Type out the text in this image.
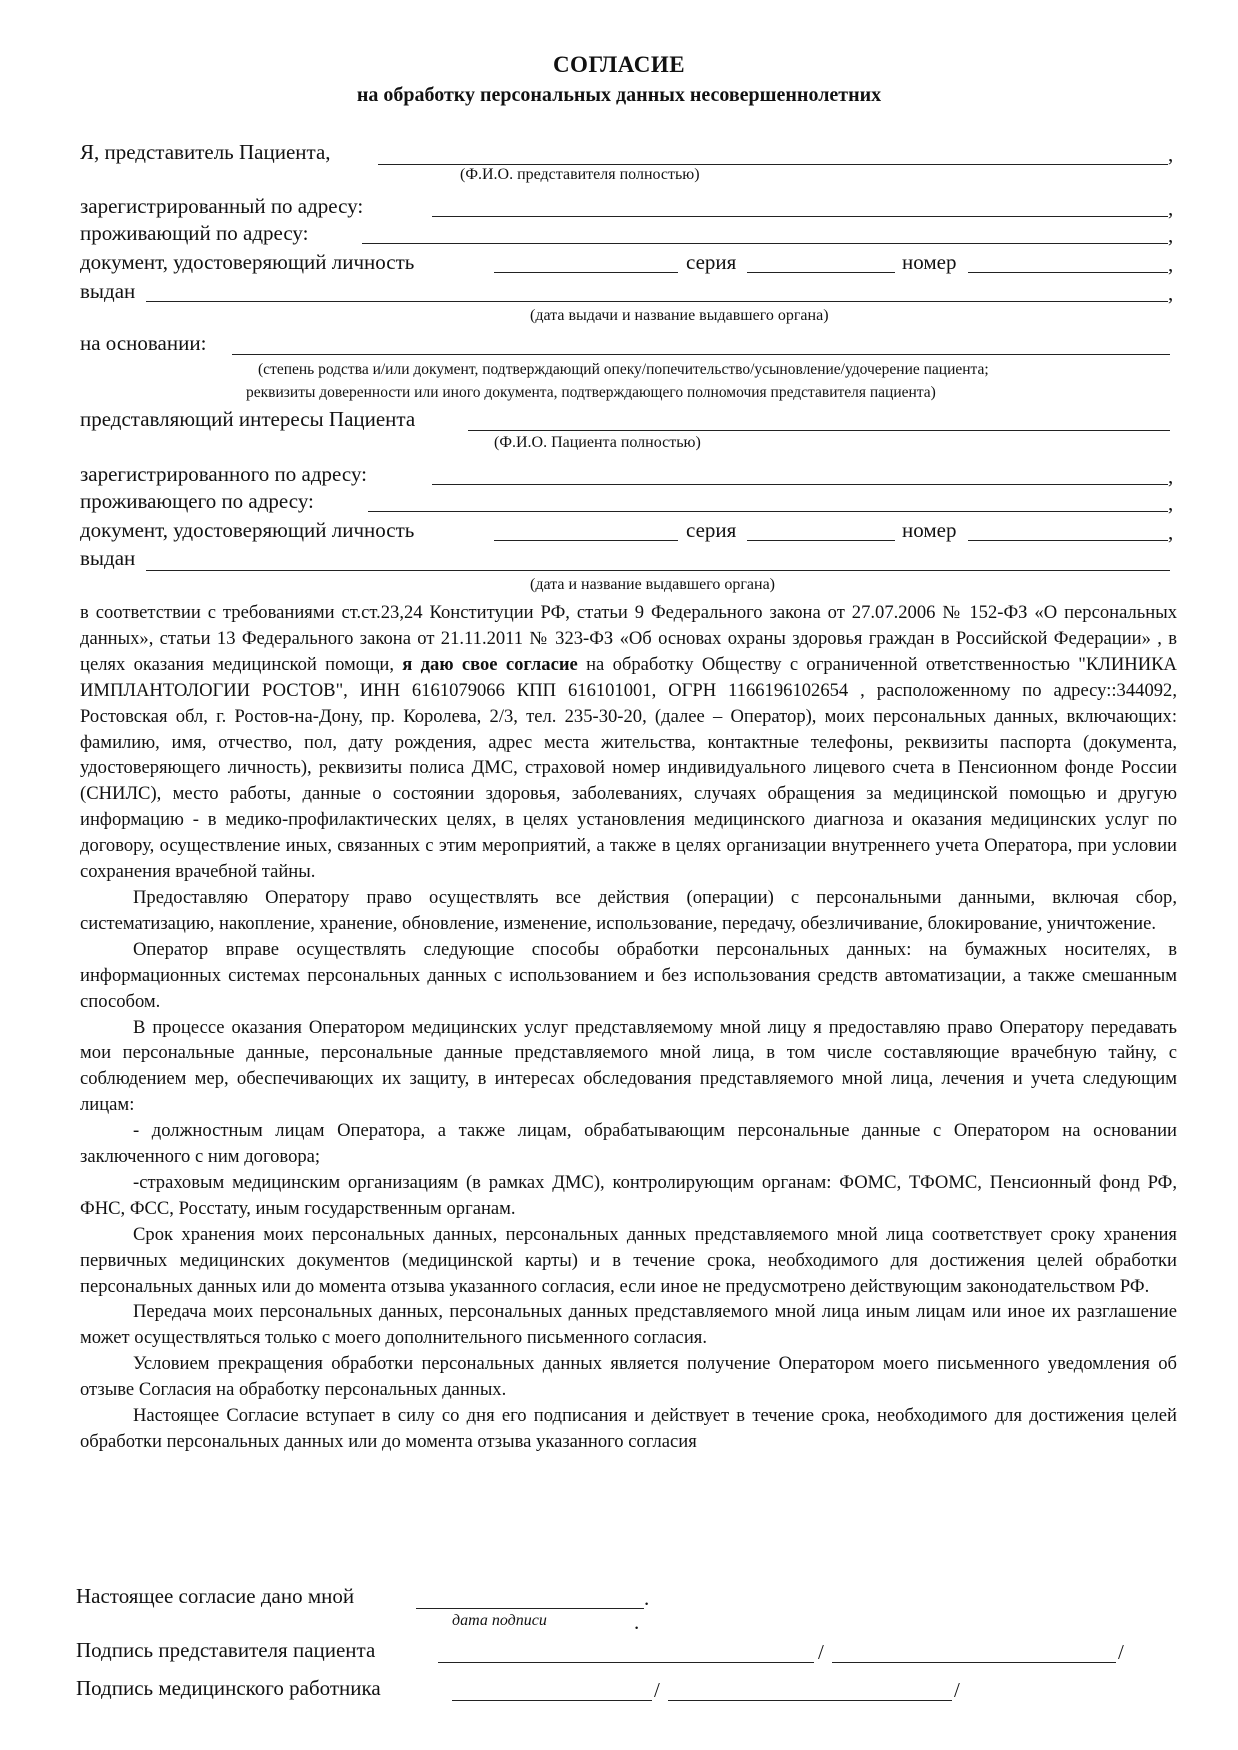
СОГЛАСИЕ
на обработку персональных данных несовершеннолетних
Я, представитель Пациента,	,
(Ф.И.О. представителя полностью)
зарегистрированный по адресу:	,
проживающий по адресу:	,
документ, удостоверяющий личность	серия	номер	,
выдан	,
(дата выдачи и название выдавшего органа)
на основании:
(степень родства и/или документ, подтверждающий опеку/попечительство/усыновление/удочерение пациента;
реквизиты доверенности или иного документа, подтверждающего полномочия представителя пациента)
представляющий интересы Пациента
(Ф.И.О. Пациента полностью)
зарегистрированного по адресу:	,
проживающего по адресу:	,
документ, удостоверяющий личность	серия	номер	,
выдан
(дата и название выдавшего органа)

в соответствии с требованиями ст.ст.23,24 Конституции РФ, статьи 9 Федерального закона от 27.07.2006 № 152-ФЗ «О персональных данных», статьи 13 Федерального закона от 21.11.2011 № 323-ФЗ «Об основах охраны здоровья граждан в Российской Федерации» , в целях оказания медицинской помощи, я даю свое согласие на обработку Обществу с ограниченной ответственностью "КЛИНИКА ИМПЛАНТОЛОГИИ РОСТОВ", ИНН 6161079066 КПП 616101001, ОГРН 1166196102654 , расположенному по адресу::344092, Ростовская обл, г. Ростов-на-Дону, пр. Королева, 2/3, тел. 235-30-20, (далее – Оператор), моих персональных данных, включающих: фамилию, имя, отчество, пол, дату рождения, адрес места жительства, контактные телефоны, реквизиты паспорта (документа, удостоверяющего личность), реквизиты полиса ДМС, страховой номер индивидуального лицевого счета в Пенсионном фонде России (СНИЛС), место работы, данные о состоянии здоровья, заболеваниях, случаях обращения за медицинской помощью и другую информацию - в медико-профилактических целях, в целях установления медицинского диагноза и оказания медицинских услуг по договору, осуществление иных, связанных с этим мероприятий, а также в целях организации внутреннего учета Оператора, при условии сохранения врачебной тайны.

Предоставляю Оператору право осуществлять все действия (операции) с персональными данными, включая сбор, систематизацию, накопление, хранение, обновление, изменение, использование, передачу, обезличивание, блокирование, уничтожение.

Оператор вправе осуществлять следующие способы обработки персональных данных: на бумажных носителях, в информационных системах персональных данных с использованием и без использования средств автоматизации, а также смешанным способом.

В процессе оказания Оператором медицинских услуг представляемому мной лицу я предоставляю право Оператору передавать мои персональные данные, персональные данные представляемого мной лица, в том числе составляющие врачебную тайну, с соблюдением мер, обеспечивающих их защиту, в интересах обследования представляемого мной лица, лечения и учета следующим лицам:

- должностным лицам Оператора, а также лицам, обрабатывающим персональные данные с Оператором на основании заключенного с ним договора;

-страховым медицинским организациям (в рамках ДМС), контролирующим органам: ФОМС, ТФОМС, Пенсионный фонд РФ, ФНС, ФСС, Росстату, иным государственным органам.

Срок хранения моих персональных данных, персональных данных представляемого мной лица соответствует сроку хранения первичных медицинских документов (медицинской карты) и в течение срока, необходимого для достижения целей обработки персональных данных или до момента отзыва указанного согласия, если иное не предусмотрено действующим законодательством РФ.

Передача моих персональных данных, персональных данных представляемого мной лица иным лицам или иное их разглашение может осуществляться только с моего дополнительного письменного согласия.

Условием прекращения обработки персональных данных является получение Оператором моего письменного уведомления об отзыве Согласия на обработку персональных данных.

Настоящее Согласие вступает в силу со дня его подписания и действует в течение срока, необходимого для достижения целей обработки персональных данных или до момента отзыва указанного согласия

Настоящее согласие дано мной	.
дата подписи	.
Подпись представителя пациента	/	/
Подпись медицинского работника	/	/
